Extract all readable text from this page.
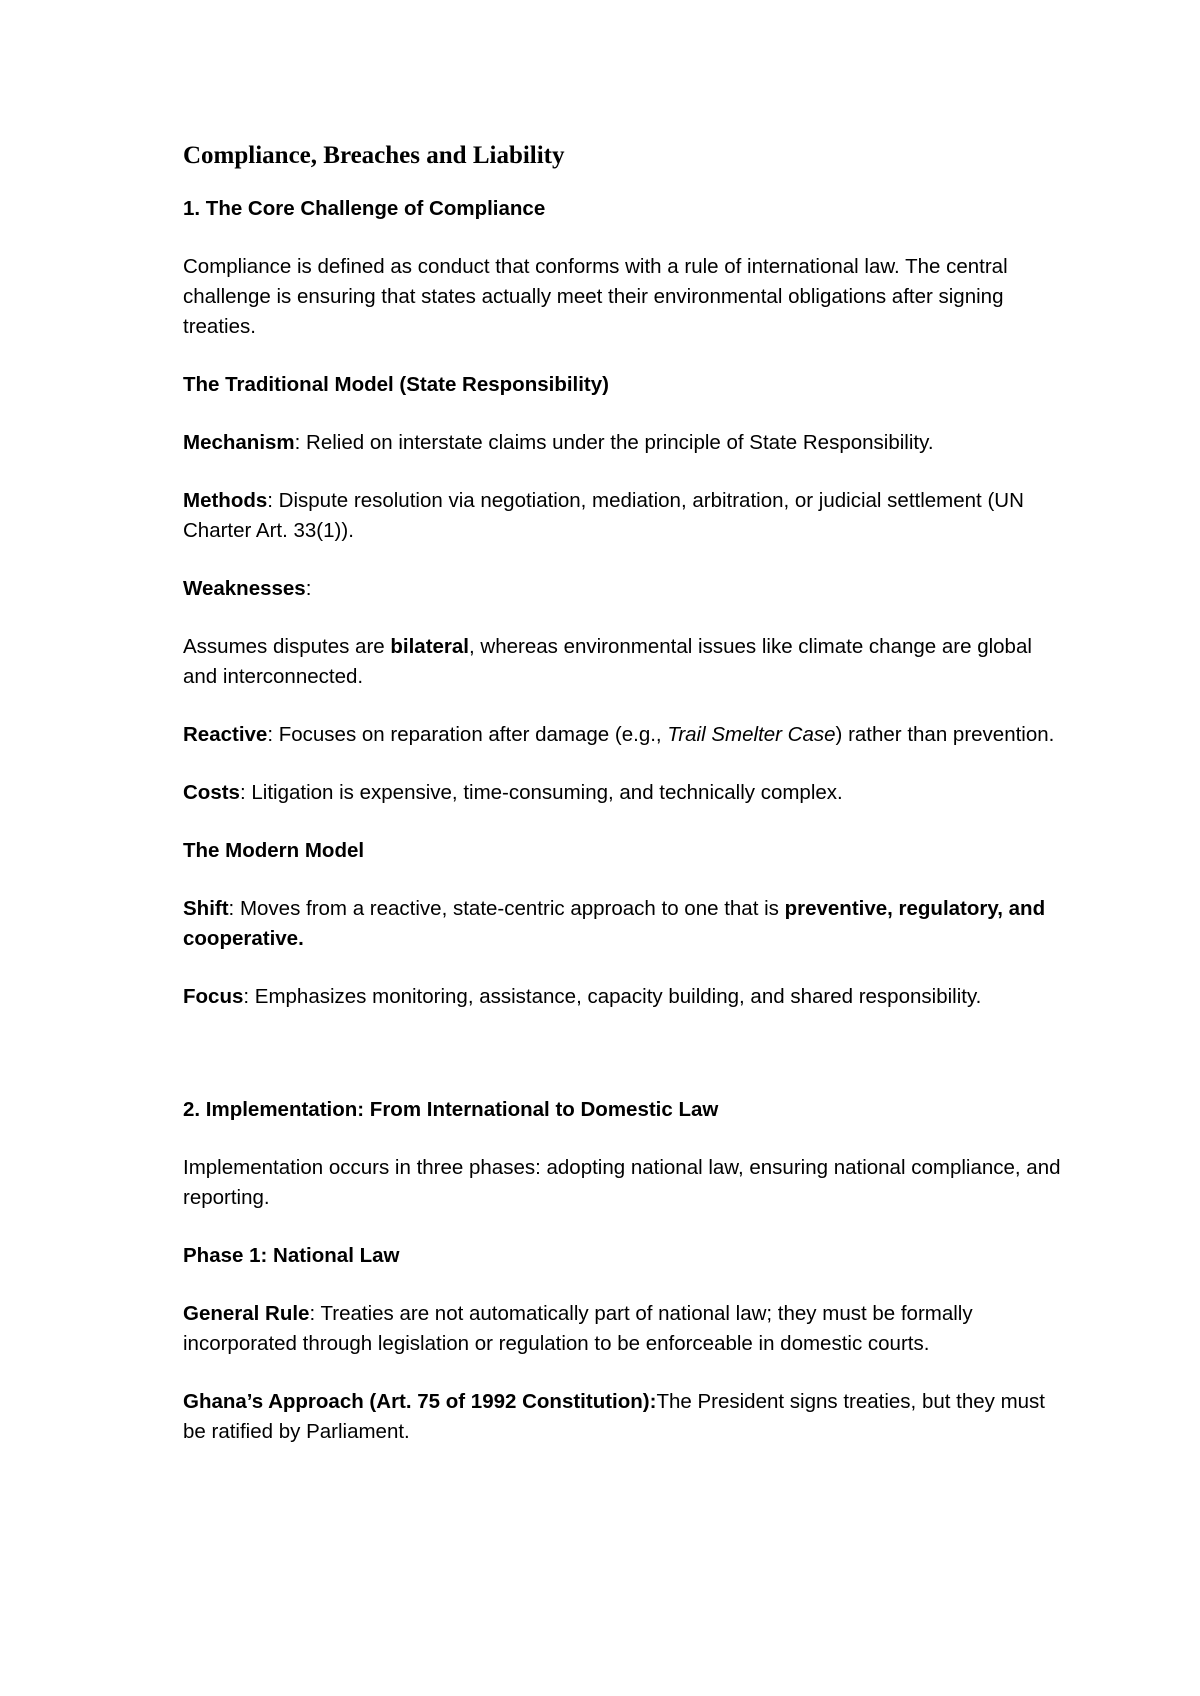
Compliance, Breaches and Liability
1. The Core Challenge of Compliance

Compliance is defined as conduct that conforms with a rule of international law. The central challenge is ensuring that states actually meet their environmental obligations after signing treaties.

The Traditional Model (State Responsibility)

Mechanism: Relied on interstate claims under the principle of State Responsibility.

Methods: Dispute resolution via negotiation, mediation, arbitration, or judicial settlement (UN Charter Art. 33(1)).

Weaknesses:

Assumes disputes are bilateral, whereas environmental issues like climate change are global and interconnected.

Reactive: Focuses on reparation after damage (e.g., Trail Smelter Case) rather than prevention.

Costs: Litigation is expensive, time-consuming, and technically complex.

The Modern Model

Shift: Moves from a reactive, state-centric approach to one that is preventive, regulatory, and cooperative.

Focus: Emphasizes monitoring, assistance, capacity building, and shared responsibility.

2. Implementation: From International to Domestic Law

Implementation occurs in three phases: adopting national law, ensuring national compliance, and reporting.

Phase 1: National Law

General Rule: Treaties are not automatically part of national law; they must be formally incorporated through legislation or regulation to be enforceable in domestic courts.

Ghana’s Approach (Art. 75 of 1992 Constitution):The President signs treaties, but they must be ratified by Parliament.
